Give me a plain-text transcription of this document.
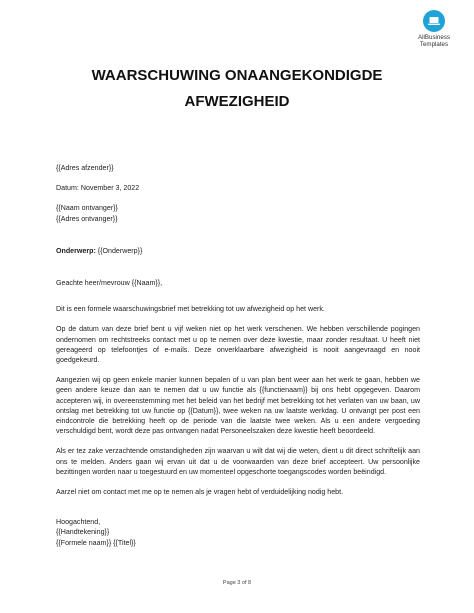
AllBusiness
Templates
WAARSCHUWING ONAANGEKONDIGDE
AFWEZIGHEID
{{Adres afzender}}
Datum: November 3, 2022
{{Naam ontvanger}}
{{Adres ontvanger}}
Onderwerp: {{Onderwerp}}
Geachte heer/mevrouw {{Naam}},

Dit is een formele waarschuwingsbrief met betrekking tot uw afwezigheid op het werk.

Op de datum van deze brief bent u vijf weken niet op het werk verschenen. We hebben verschillende pogingen ondernomen om rechtstreeks contact met u op te nemen over deze kwestie, maar zonder resultaat. U heeft niet gereageerd op telefoontjes of e-mails. Deze onverklaarbare afwezigheid is nooit aangevraagd en nooit goedgekeurd.

Aangezien wij op geen enkele manier kunnen bepalen of u van plan bent weer aan het werk te gaan, hebben we geen andere keuze dan aan te nemen dat u uw functie als {{functienaam}} bij ons hebt opgegeven. Daarom accepteren wij, in overeenstemming met het beleid van het bedrijf met betrekking tot het verlaten van uw baan, uw ontslag met betrekking tot uw functie op {{Datum}}, twee weken na uw laatste werkdag. U ontvangt per post een eindcontrole die betrekking heeft op de periode van die laatste twee weken. Als u een andere vergoeding verschuldigd bent, wordt deze pas ontvangen nadat Personeelszaken deze kwestie heeft beoordeeld.

Als er tez zake verzachtende omstandigheden zijn waarvan u wilt dat wij die weten, dient u dit direct schriftelijk aan ons te melden. Anders gaan wij ervan uit dat u de voorwaarden van deze brief accepteert. Uw persoonlijke bezittingen worden naar u toegestuurd en uw momenteel opgeschorte toegangscodes worden beëindigd.

Aarzel niet om contact met me op te nemen als je vragen hebt of verduidelijking nodig hebt.

Hoogachtend,
{{Handtekening}}
{{Formele naam}} {{Titel}}
Page 3 of 8
